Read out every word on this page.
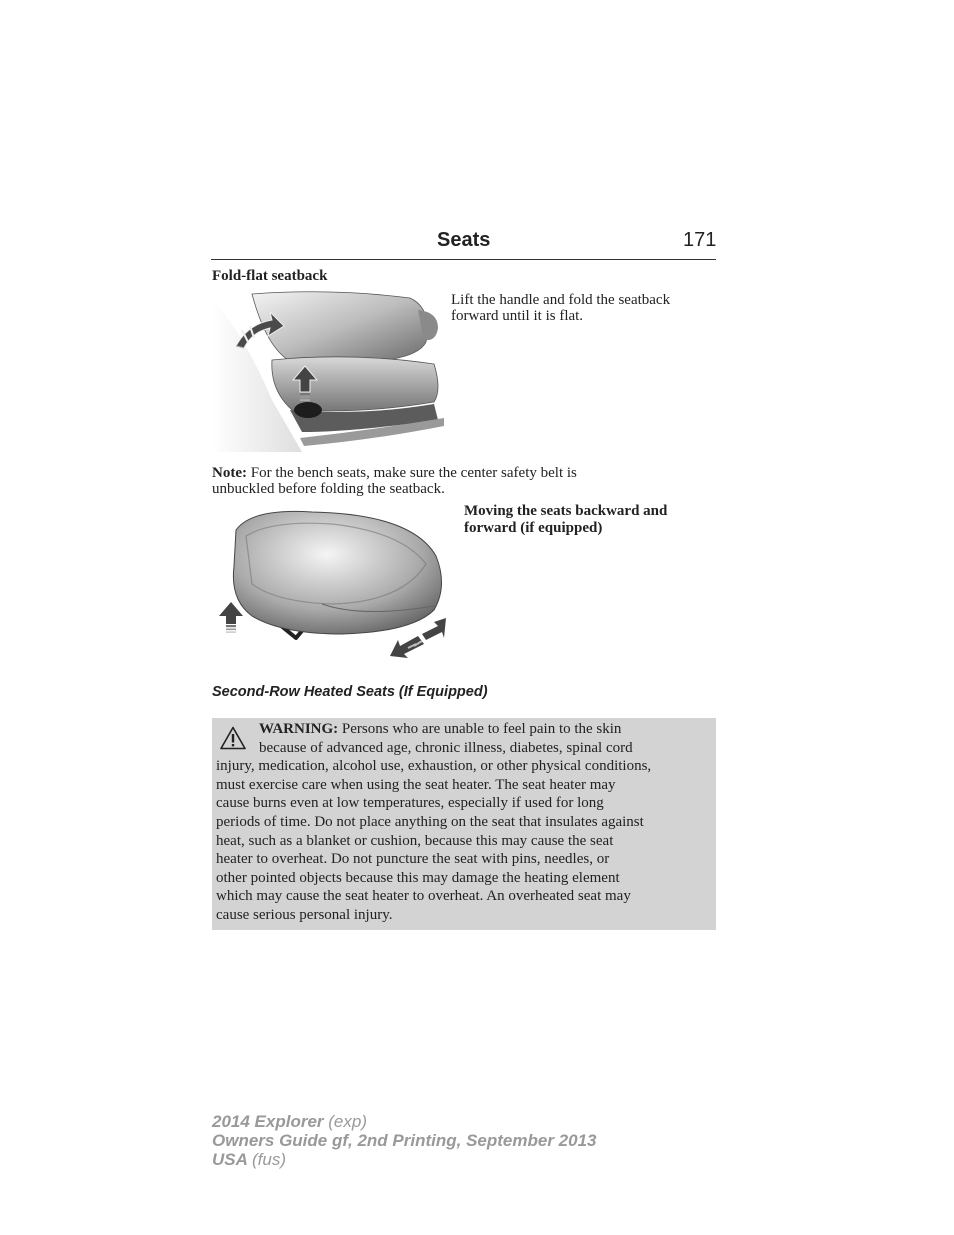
Seats	171
Fold-flat seatback
Lift the handle and fold the seatback
forward until it is flat.
Note: For the bench seats, make sure the center safety belt is
unbuckled before folding the seatback.
Moving the seats backward and
forward (if equipped)
Second-Row Heated Seats (If Equipped)
WARNING: Persons who are unable to feel pain to the skin
because of advanced age, chronic illness, diabetes, spinal cord
injury, medication, alcohol use, exhaustion, or other physical conditions,
must exercise care when using the seat heater. The seat heater may
cause burns even at low temperatures, especially if used for long
periods of time. Do not place anything on the seat that insulates against
heat, such as a blanket or cushion, because this may cause the seat
heater to overheat. Do not puncture the seat with pins, needles, or
other pointed objects because this may damage the heating element
which may cause the seat heater to overheat. An overheated seat may
cause serious personal injury.
2014 Explorer (exp)
Owners Guide gf, 2nd Printing, September 2013
USA (fus)
